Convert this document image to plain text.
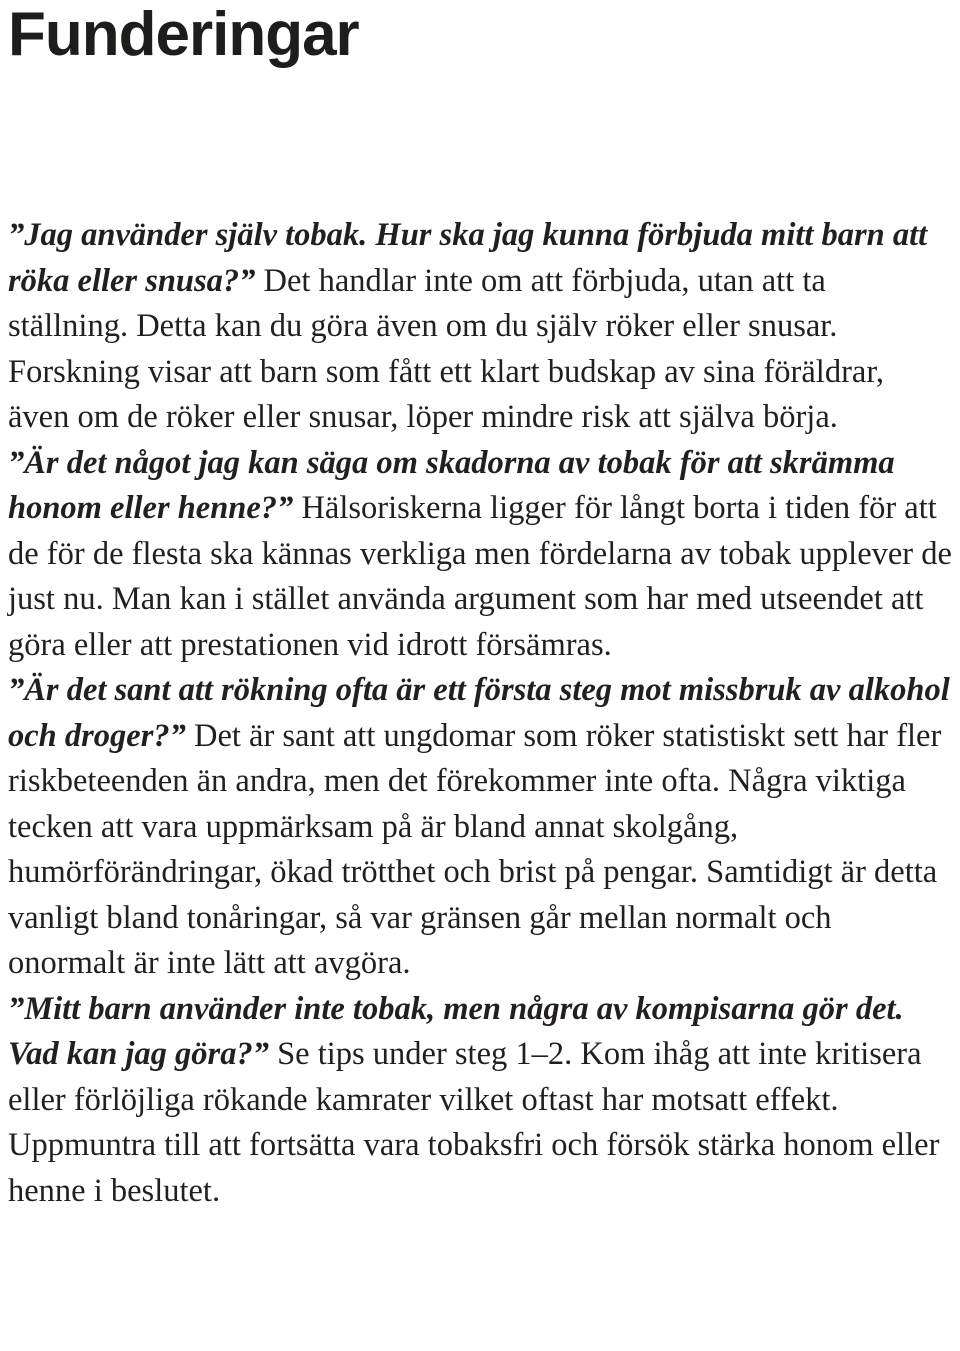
Funderingar

”Jag använder själv tobak. Hur ska jag kunna förbjuda mitt barn att röka eller snusa?” Det handlar inte om att förbjuda, utan att ta ställning. Detta kan du göra även om du själv röker eller snusar. Forskning visar att barn som fått ett klart budskap av sina föräldrar, även om de röker eller snusar, löper mindre risk att själva börja.

”Är det något jag kan säga om skadorna av tobak för att skrämma honom eller henne?” Hälsoriskerna ligger för långt borta i tiden för att de för de flesta ska kännas verkliga men fördelarna av tobak upplever de just nu. Man kan i stället använda argument som har med utseendet att göra eller att prestationen vid idrott försämras.

”Är det sant att rökning ofta är ett första steg mot missbruk av alkohol och droger?” Det är sant att ungdomar som röker statistiskt sett har fler riskbeteenden än andra, men det förekommer inte ofta. Några viktiga tecken att vara uppmärksam på är bland annat skolgång, humörförändringar, ökad trötthet och brist på pengar. Samtidigt är detta vanligt bland tonåringar, så var gränsen går mellan normalt och onormalt är inte lätt att avgöra.

”Mitt barn använder inte tobak, men några av kompisarna gör det. Vad kan jag göra?” Se tips under steg 1–2. Kom ihåg att inte kritisera eller förlöjliga rökande kamrater vilket oftast har motsatt effekt. Uppmuntra till att fortsätta vara tobaksfri och försök stärka honom eller henne i beslutet.
